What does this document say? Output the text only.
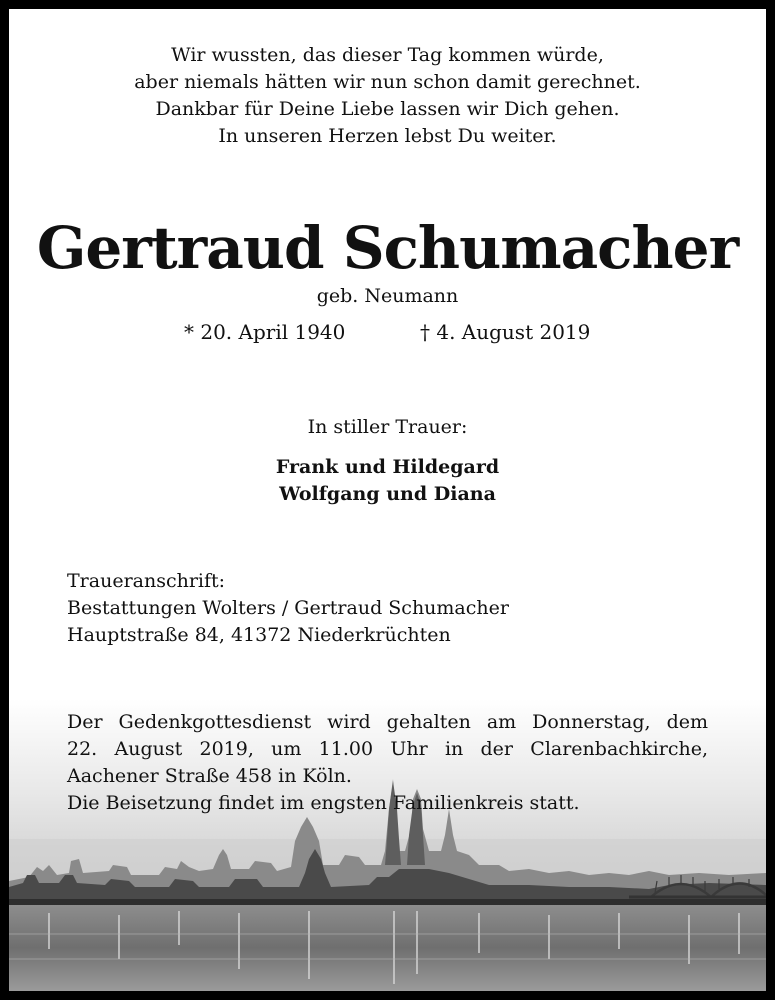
Wir wussten, das dieser Tag kommen würde,
aber niemals hätten wir nun schon damit gerechnet.
Dankbar für Deine Liebe lassen wir Dich gehen.
In unseren Herzen lebst Du weiter.
Gertraud Schumacher
geb. Neumann
* 20. April 1940	† 4. August 2019
In stiller Trauer:
Frank und Hildegard
Wolfgang und Diana
Traueranschrift:
Bestattungen Wolters / Gertraud Schumacher
Hauptstraße 84, 41372 Niederkrüchten
Der Gedenkgottesdienst wird gehalten am Donnerstag, dem
22. August 2019, um 11.00 Uhr in der Clarenbachkirche,
Aachener Straße 458 in Köln.
Die Beisetzung findet im engsten Familienkreis statt.
